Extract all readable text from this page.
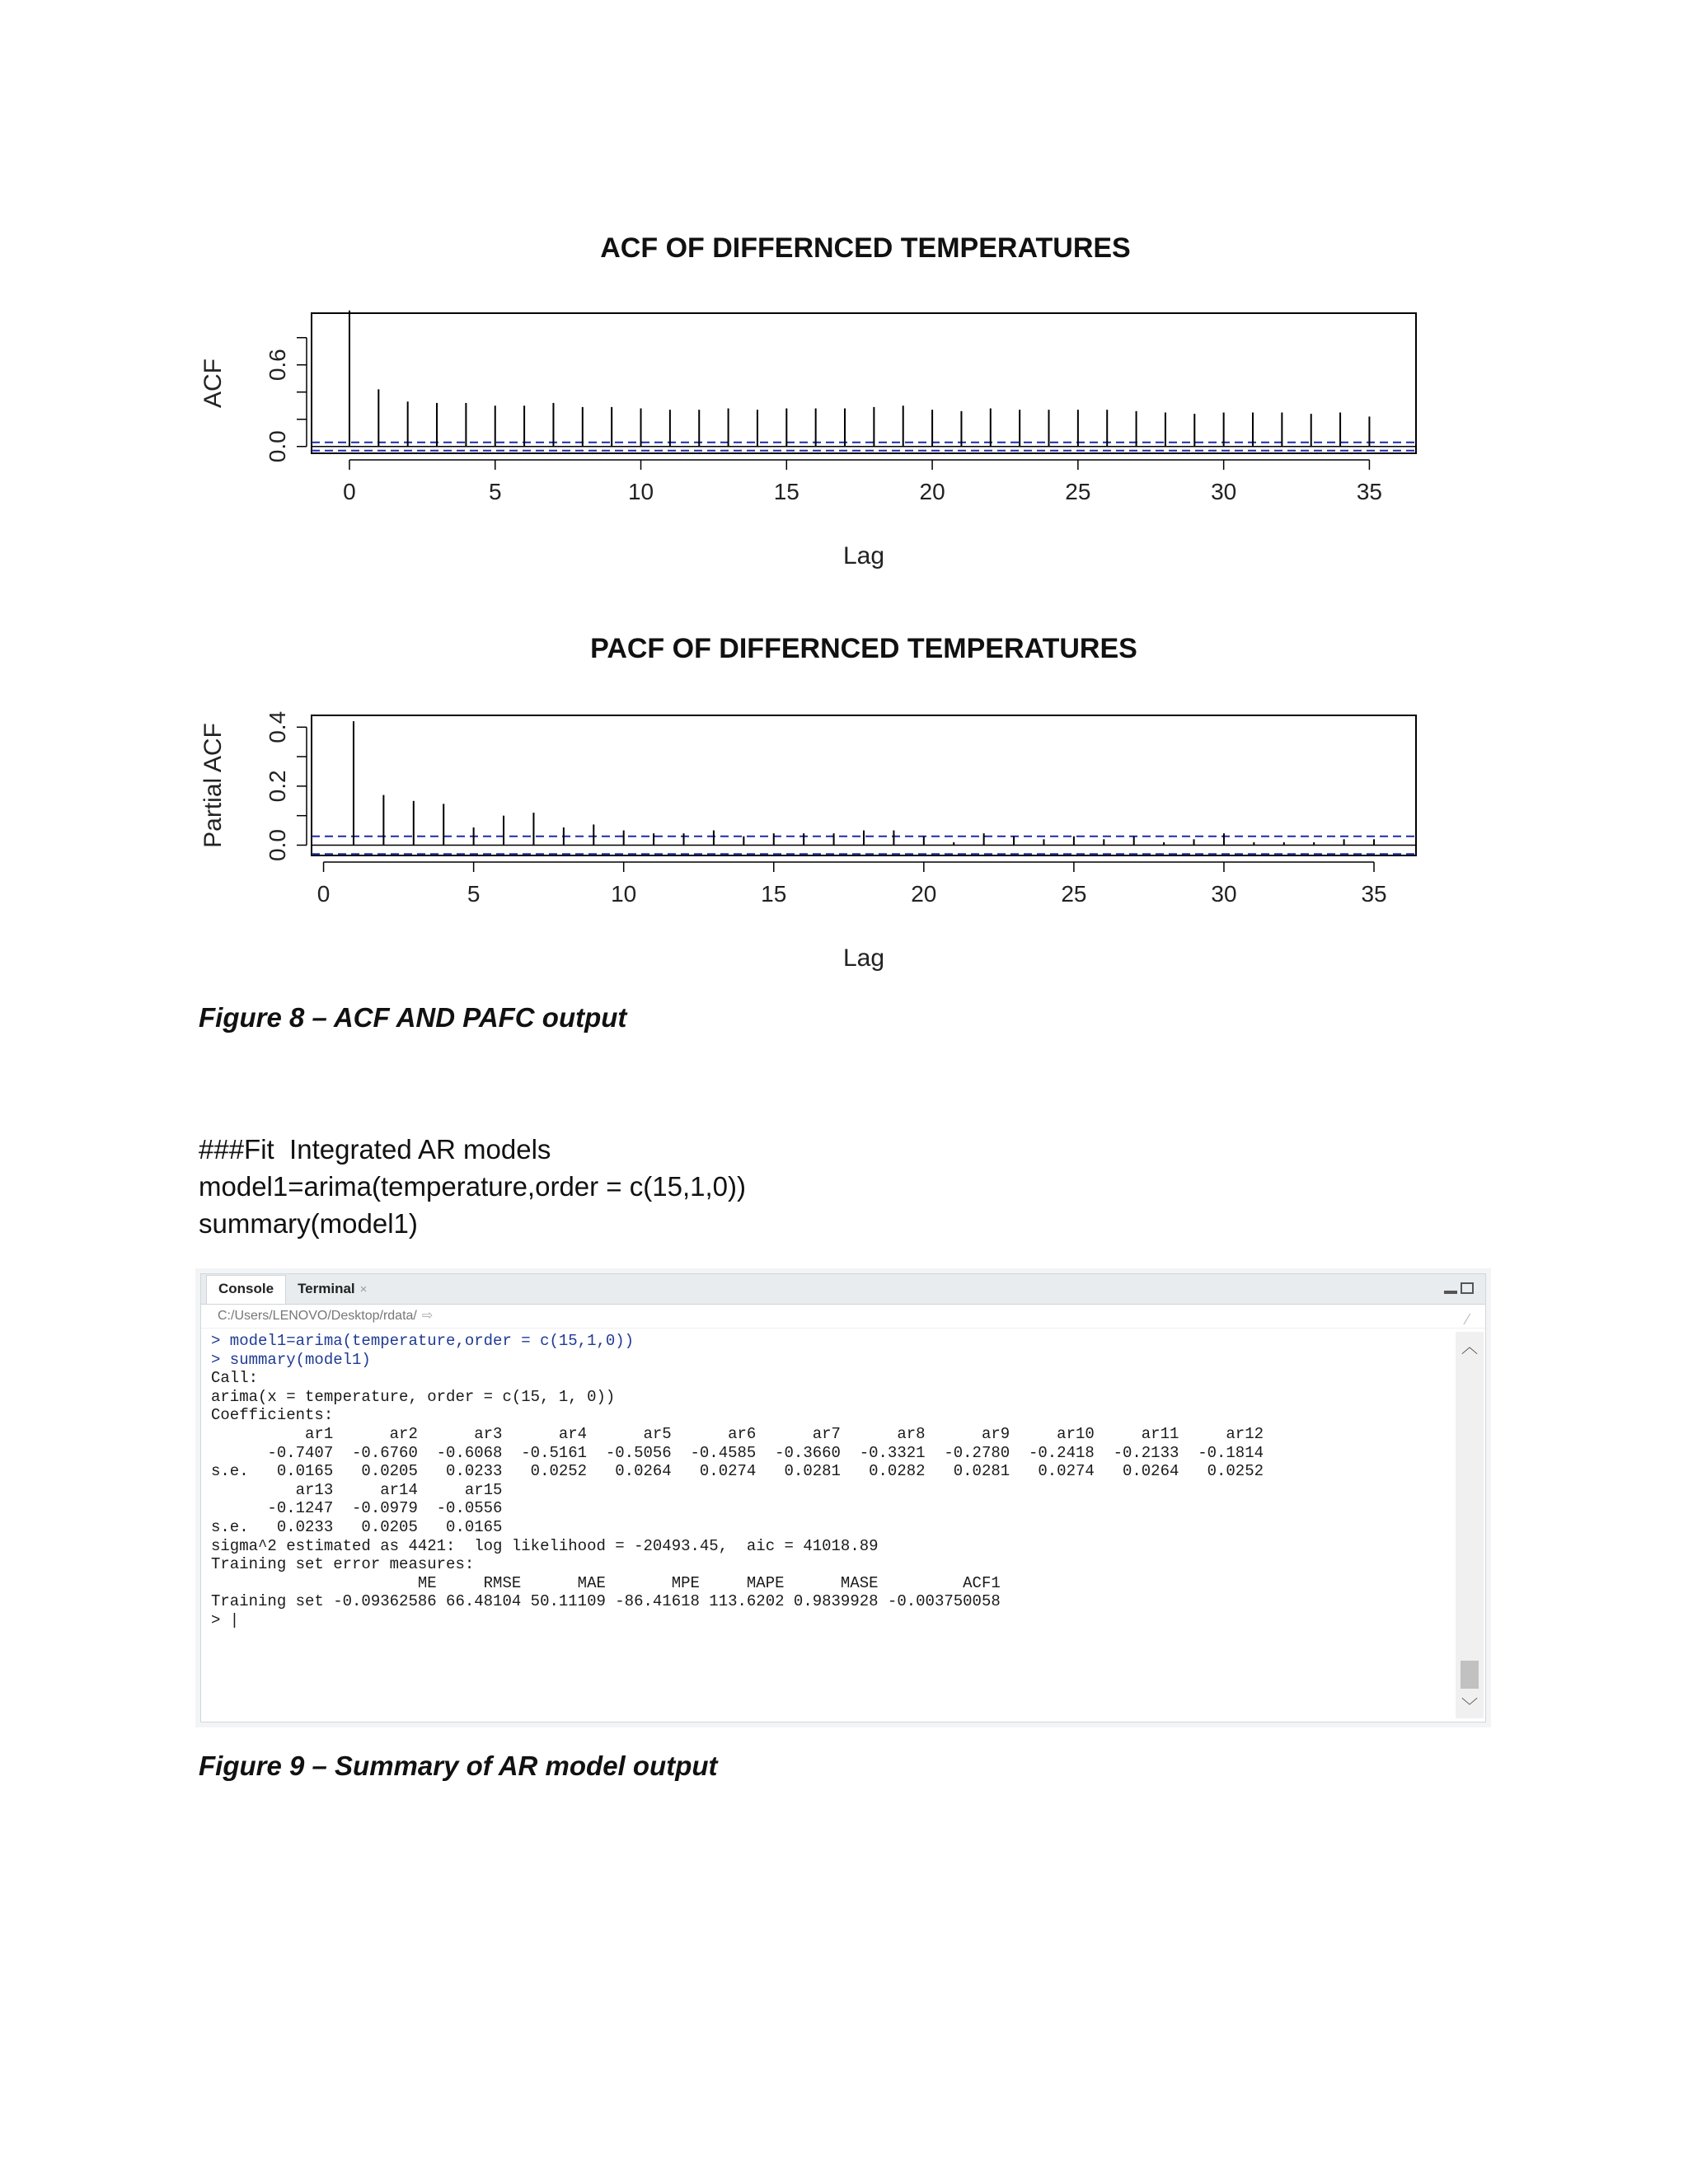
ACF OF DIFFERNCED TEMPERATURES
0	5	10	15	20	25	30	35
0.0
0.6
Lag
ACF
PACF OF DIFFERNCED TEMPERATURES
0	5	10	15	20	25	30	35
0.0
0.2
0.4
Lag
Partial ACF

Figure 8 – ACF AND PAFC output

###Fit  Integrated AR models
model1=arima(temperature,order = c(15,1,0))
summary(model1)
Console	Terminal ×
C:/Users/LENOVO/Desktop/rdata/ ⇨	⁄
> model1=arima(temperature,order = c(15,1,0))
> summary(model1)
Call:
arima(x = temperature, order = c(15, 1, 0))
Coefficients:
ar1      ar2      ar3      ar4      ar5      ar6      ar7      ar8      ar9     ar10     ar11     ar12
-0.7407  -0.6760  -0.6068  -0.5161  -0.5056  -0.4585  -0.3660  -0.3321  -0.2780  -0.2418  -0.2133  -0.1814
s.e.   0.0165   0.0205   0.0233   0.0252   0.0264   0.0274   0.0281   0.0282   0.0281   0.0274   0.0264   0.0252
ar13     ar14     ar15
-0.1247  -0.0979  -0.0556
s.e.   0.0233   0.0205   0.0165
sigma^2 estimated as 4421:  log likelihood = -20493.45,  aic = 41018.89
Training set error measures:
ME     RMSE      MAE       MPE     MAPE      MASE         ACF1
Training set -0.09362586 66.48104 50.11109 -86.41618 113.6202 0.9839928 -0.003750058
> |
︿
﹀

Figure 9 – Summary of AR model output
